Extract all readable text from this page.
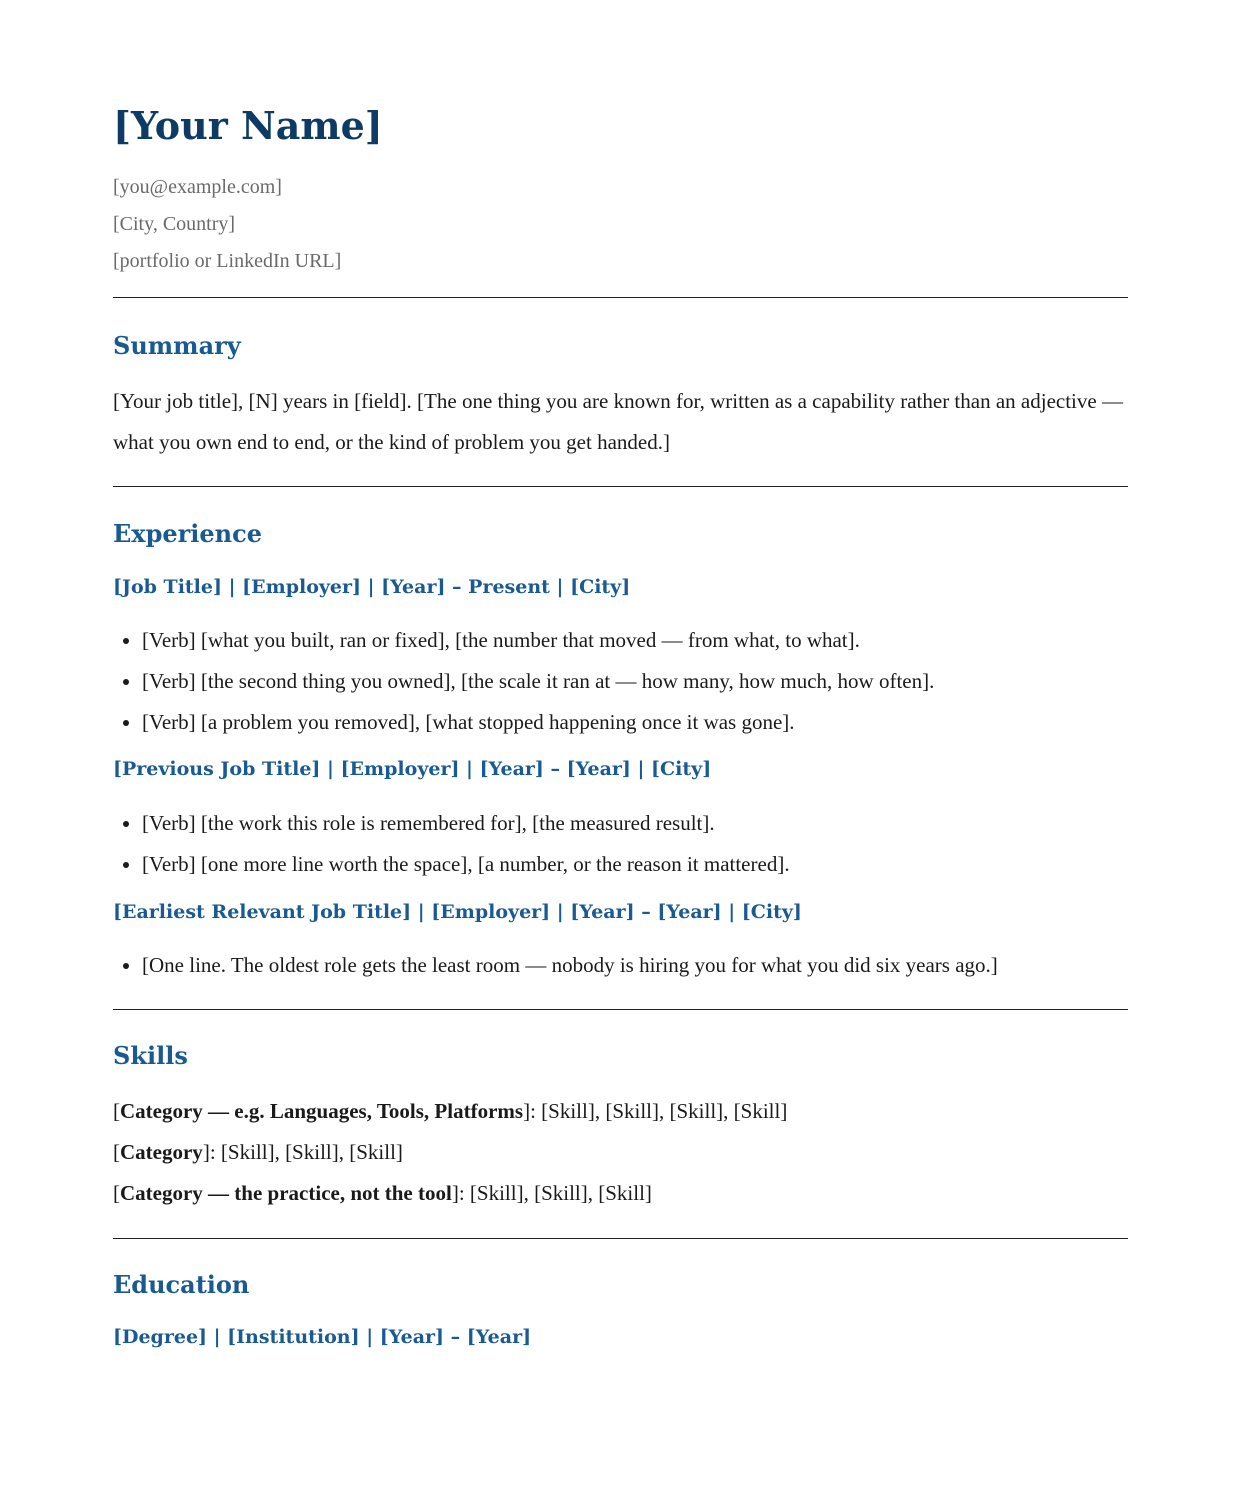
[Your Name]
[you@example.com]
[City, Country]
[portfolio or LinkedIn URL]
Summary

[Your job title], [N] years in [field]. [The one thing you are known for, written as a capability rather than an adjective — what you own end to end, or the kind of problem you get handed.]

Experience
[Job Title] | [Employer] | [Year] – Present | [City]
• [Verb] [what you built, ran or fixed], [the number that moved — from what, to what].
• [Verb] [the second thing you owned], [the scale it ran at — how many, how much, how often].
• [Verb] [a problem you removed], [what stopped happening once it was gone].
[Previous Job Title] | [Employer] | [Year] – [Year] | [City]
• [Verb] [the work this role is remembered for], [the measured result].
• [Verb] [one more line worth the space], [a number, or the reason it mattered].
[Earliest Relevant Job Title] | [Employer] | [Year] – [Year] | [City]
• [One line. The oldest role gets the least room — nobody is hiring you for what you did six years ago.]
Skills
[Category — e.g. Languages, Tools, Platforms]: [Skill], [Skill], [Skill], [Skill]
[Category]: [Skill], [Skill], [Skill]
[Category — the practice, not the tool]: [Skill], [Skill], [Skill]
Education
[Degree] | [Institution] | [Year] – [Year]
